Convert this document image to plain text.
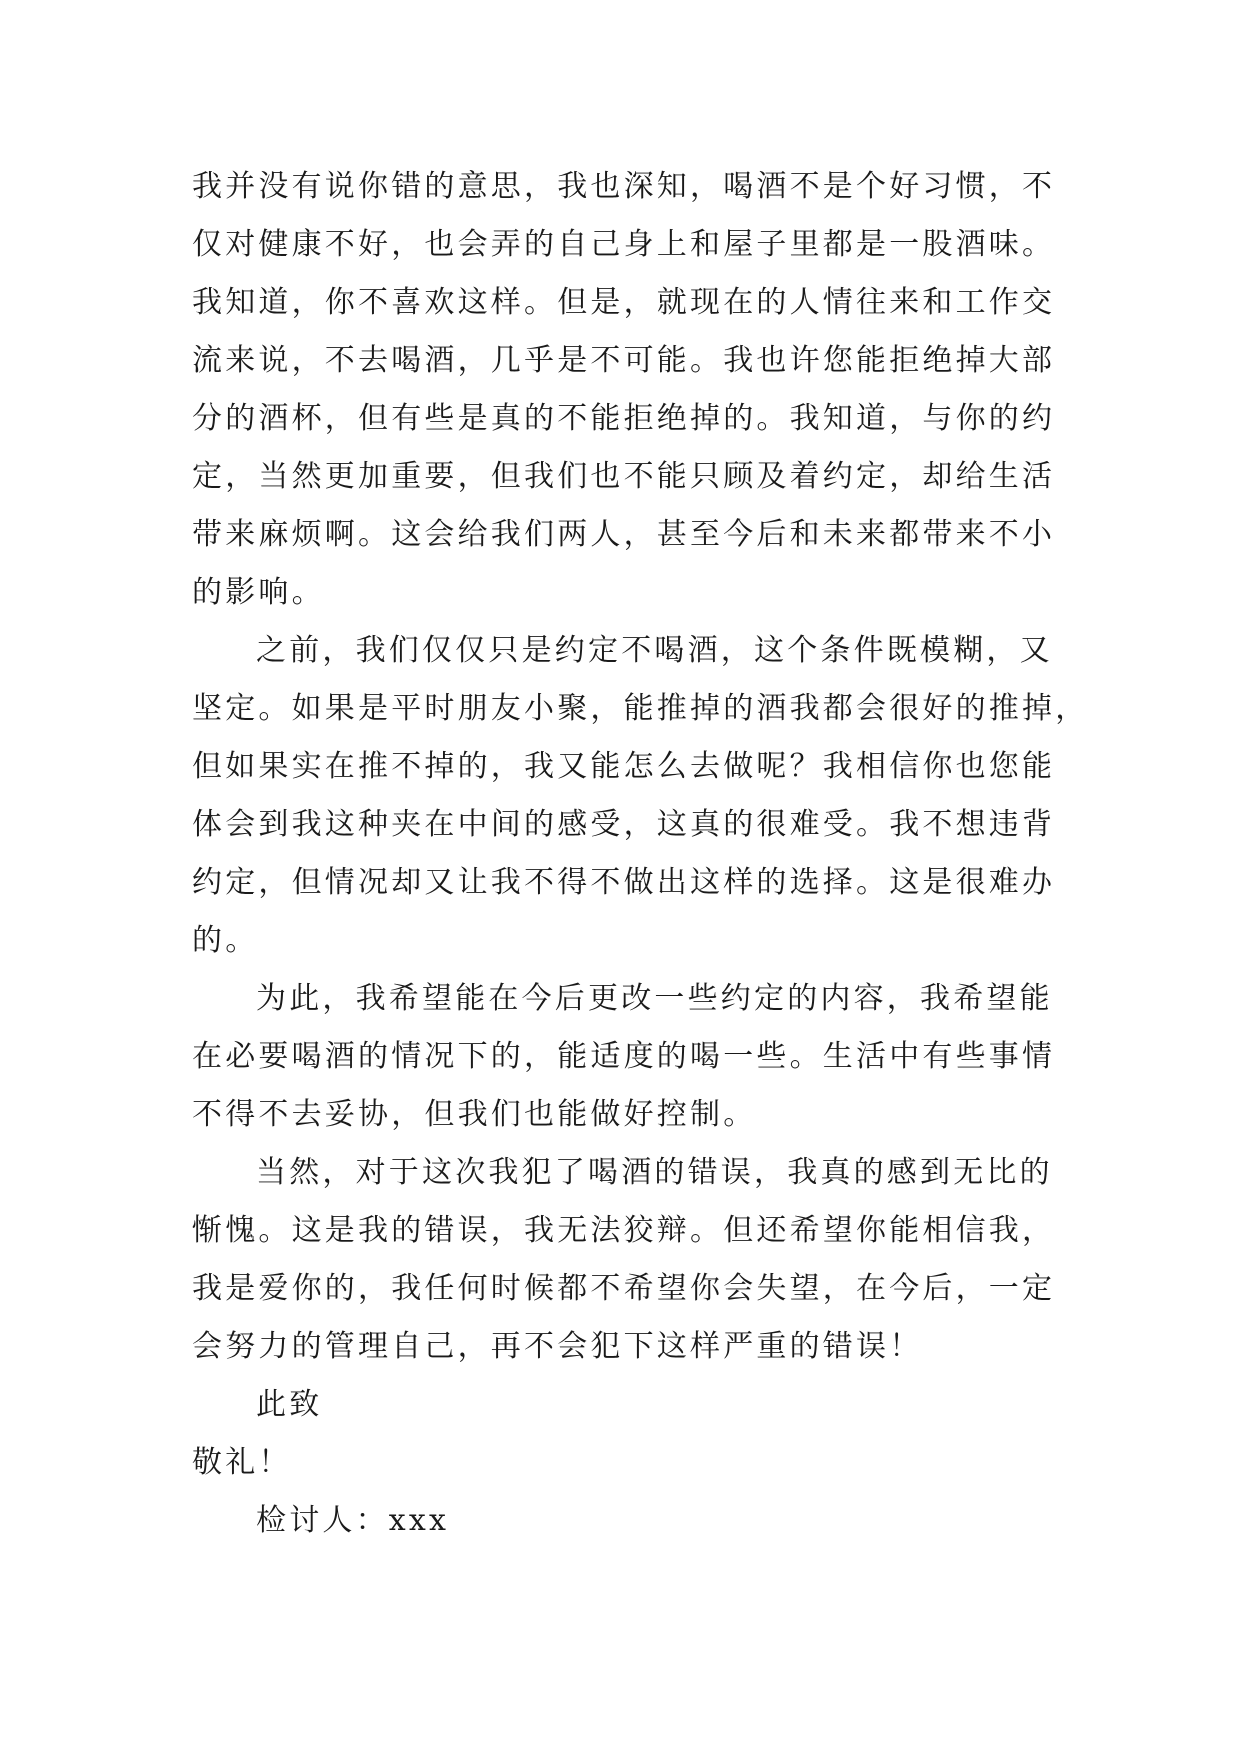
我并没有说你错的意思，我也深知，喝酒不是个好习惯，不
仅对健康不好，也会弄的自己身上和屋子里都是一股酒味。
我知道，你不喜欢这样。但是，就现在的人情往来和工作交
流来说，不去喝酒，几乎是不可能。我也许您能拒绝掉大部
分的酒杯，但有些是真的不能拒绝掉的。我知道，与你的约
定，当然更加重要，但我们也不能只顾及着约定，却给生活
带来麻烦啊。这会给我们两人，甚至今后和未来都带来不小
的影响。
之前，我们仅仅只是约定不喝酒，这个条件既模糊，又
坚定。如果是平时朋友小聚，能推掉的酒我都会很好的推掉，
但如果实在推不掉的，我又能怎么去做呢？我相信你也您能
体会到我这种夹在中间的感受，这真的很难受。我不想违背
约定，但情况却又让我不得不做出这样的选择。这是很难办
的。
为此，我希望能在今后更改一些约定的内容，我希望能
在必要喝酒的情况下的，能适度的喝一些。生活中有些事情
不得不去妥协，但我们也能做好控制。
当然，对于这次我犯了喝酒的错误，我真的感到无比的
惭愧。这是我的错误，我无法狡辩。但还希望你能相信我，
我是爱你的，我任何时候都不希望你会失望，在今后，一定
会努力的管理自己，再不会犯下这样严重的错误！
此致
敬礼！
检讨人：xxx
